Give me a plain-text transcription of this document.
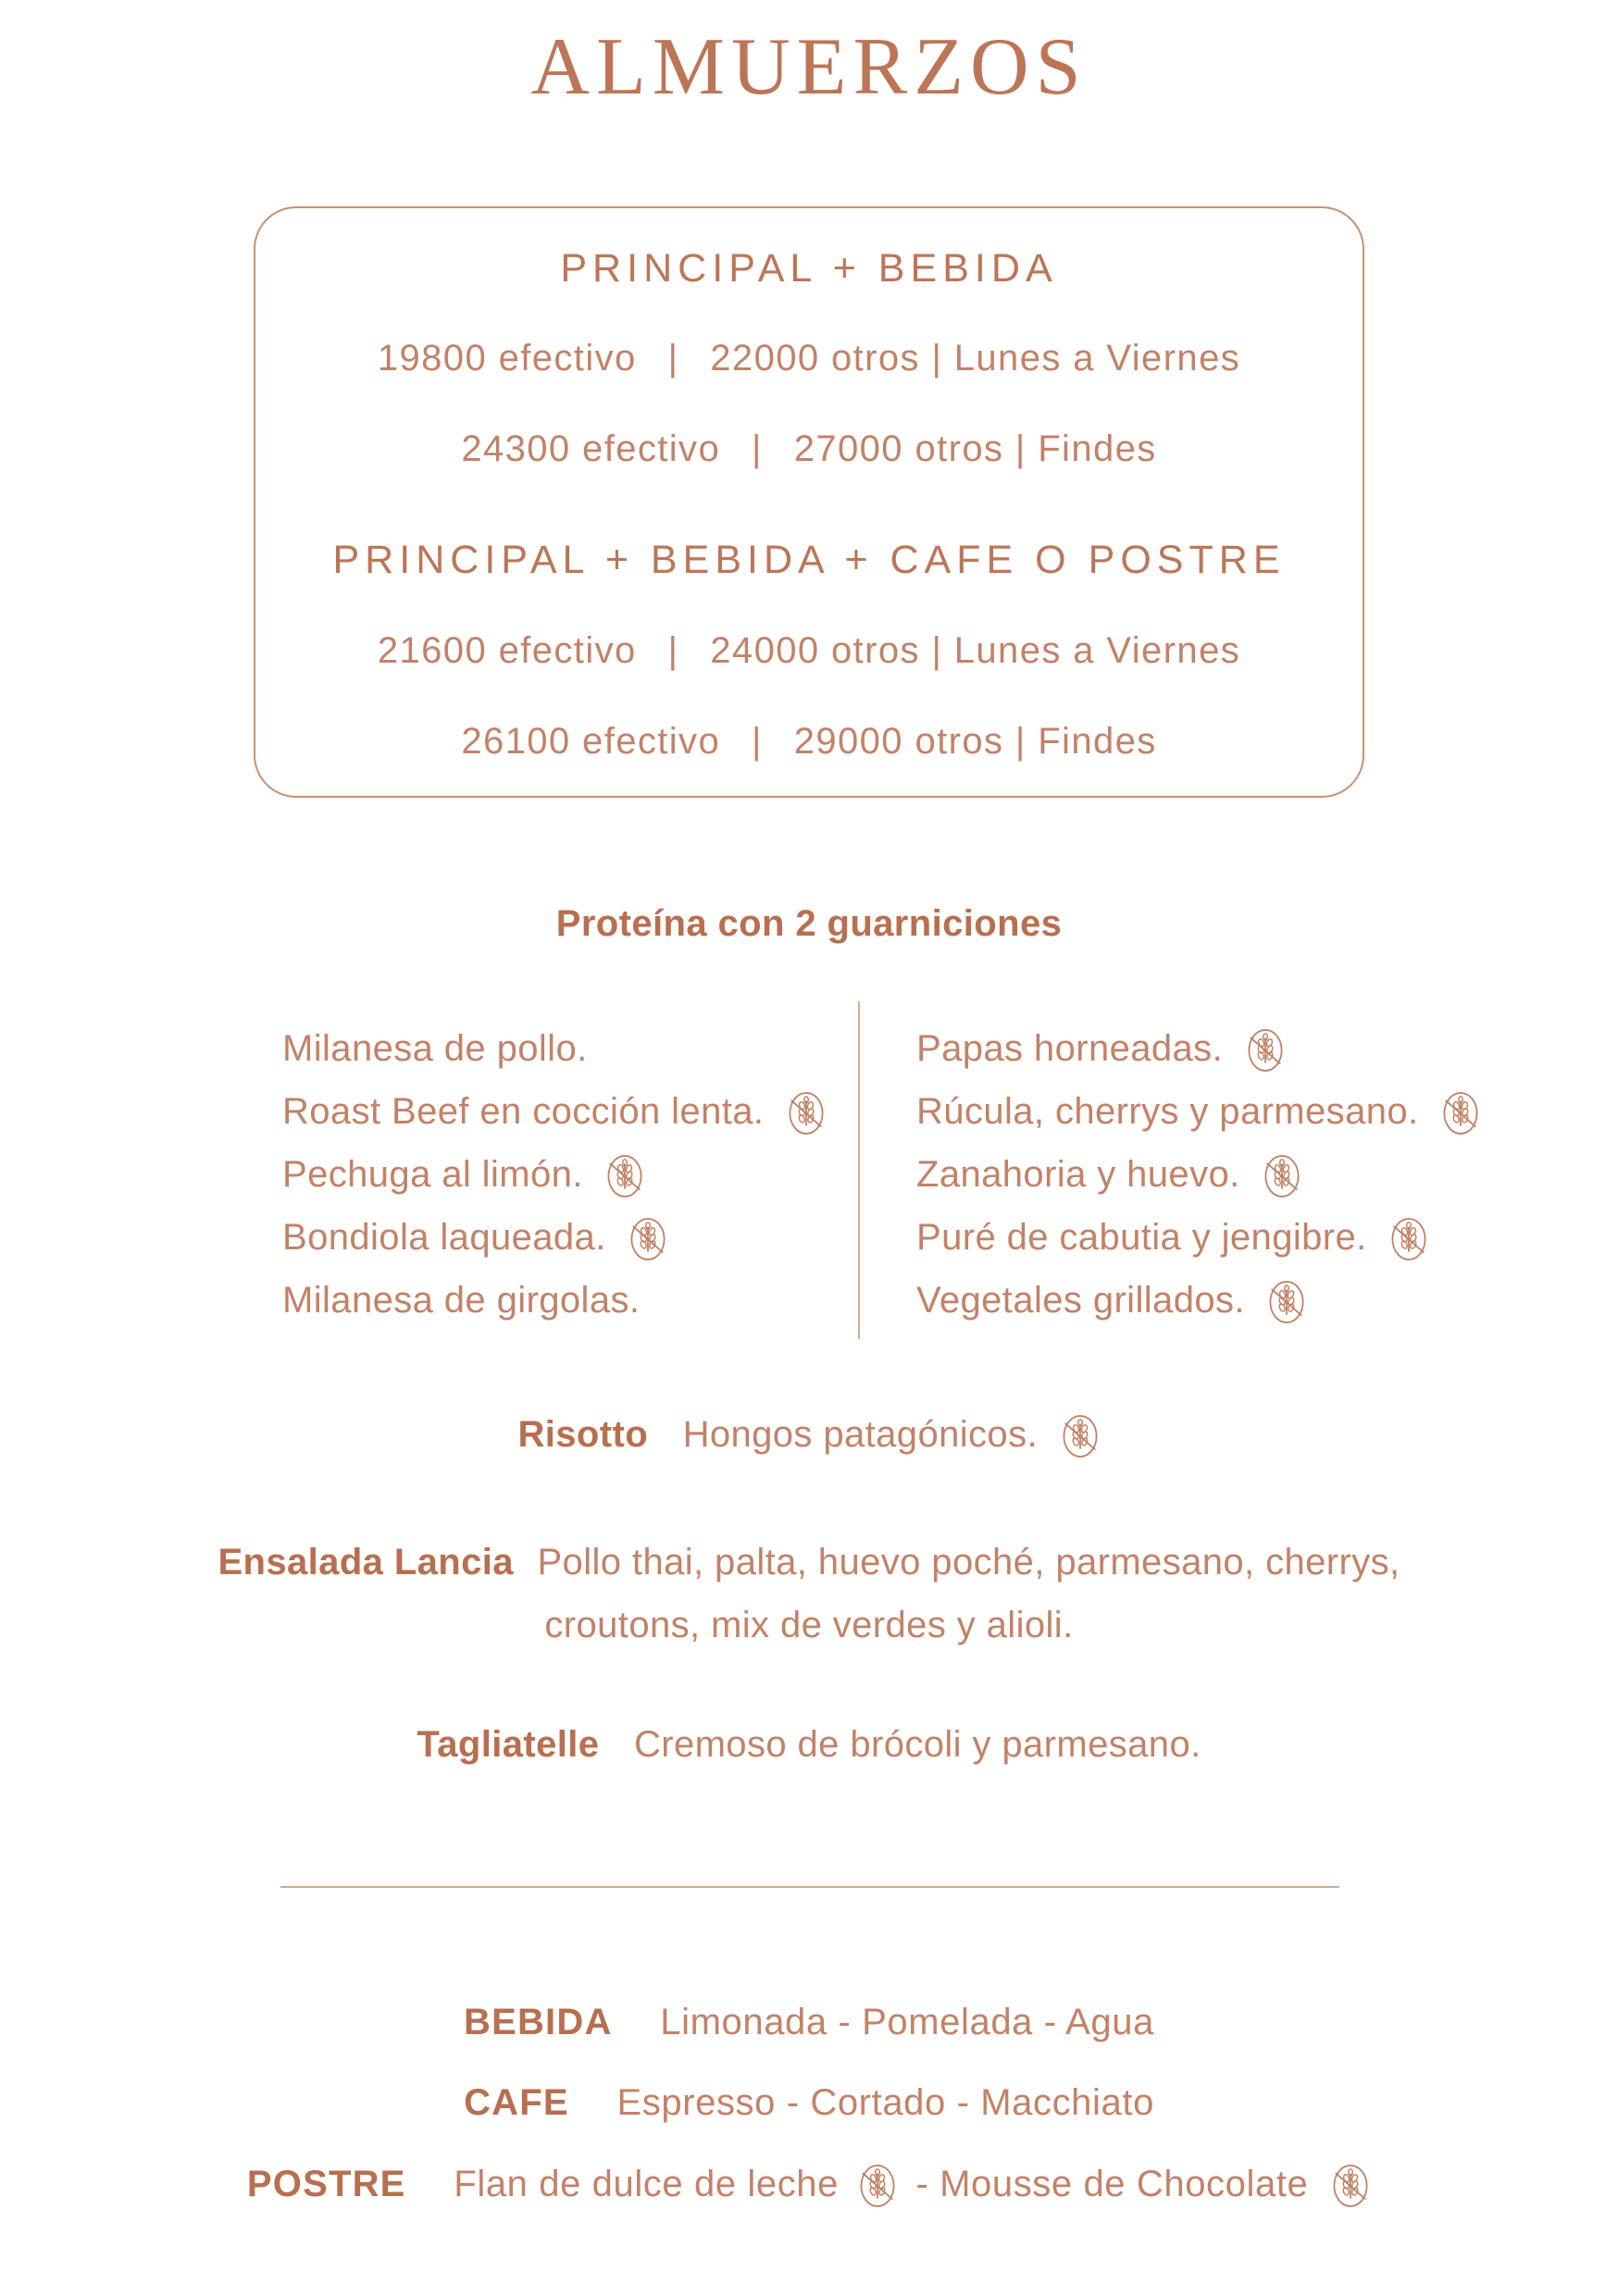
ALMUERZOS
PRINCIPAL + BEBIDA

19800 efectivo  |  22000 otros | Lunes a Viernes

24300 efectivo  |  27000 otros | Findes

PRINCIPAL + BEBIDA + CAFE O POSTRE

21600 efectivo  |  24000 otros | Lunes a Viernes

26100 efectivo  |  29000 otros | Findes

Proteína con 2 guarniciones
Milanesa de pollo.
Roast Beef en cocción lenta.
Pechuga al limón.
Bondiola laqueada.
Milanesa de girgolas.
Papas horneadas.
Rúcula, cherrys y parmesano.
Zanahoria y huevo.
Puré de cabutia y jengibre.
Vegetales grillados.

Risotto Hongos patagónicos.

Ensalada Lancia Pollo thai, palta, huevo poché, parmesano, cherrys,
croutons, mix de verdes y alioli.

Tagliatelle Cremoso de brócoli y parmesano.

BEBIDA Limonada - Pomelada - Agua

CAFE Espresso - Cortado - Macchiato

POSTRE Flan de dulce de leche - Mousse de Chocolate
